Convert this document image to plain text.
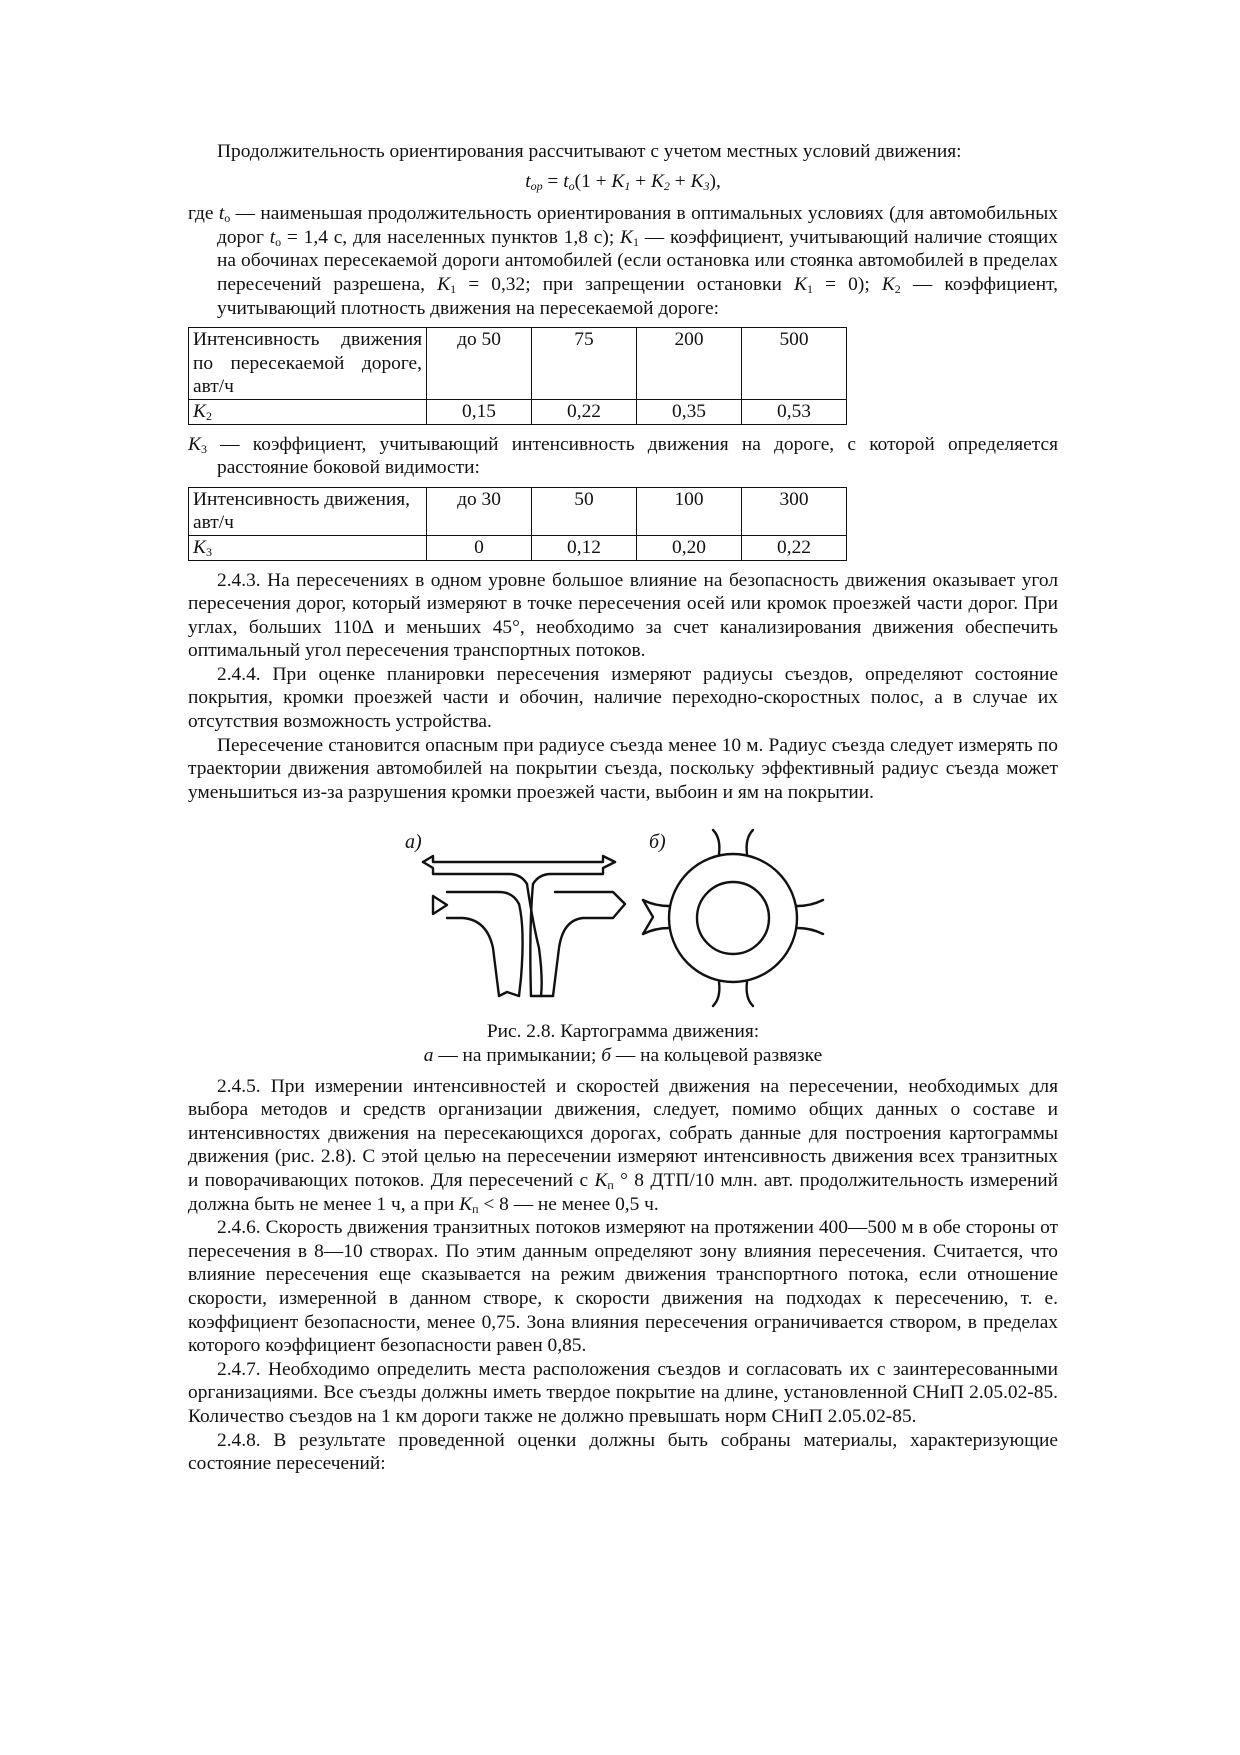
Продолжительность ориентирования рассчитывают с учетом местных условий движения:

$t_{ор} = t_о(1 + K_1 + K_2 + K_3)$,

где $t_о$ — наименьшая продолжительность ориентирования в оптимальных условиях (для автомобильных дорог $t_о = 1,4$ с, для населенных пунктов 1,8 с); $K_1$ — коэффициент, учитывающий наличие стоящих на обочинах пересекаемой дороги антомобилей (если остановка или стоянка автомобилей в пределах пересечений разрешена, $K_1 = 0,32$; при запрещении остановки $K_1 = 0$); $K_2$ — коэффициент, учитывающий плотность движения на пересекаемой дороге:

Интенсивность движения по пересекаемой дороге, авт/ч	до 50	75	200	500
$K_2$	0,15	0,22	0,35	0,53

$K_3$ — коэффициент, учитывающий интенсивность движения на дороге, с которой определяется расстояние боковой видимости:

Интенсивность движения, авт/ч	до 30	50	100	300
$K_3$	0	0,12	0,20	0,22

2.4.3. На пересечениях в одном уровне большое влияние на безопасность движения оказывает угол пересечения дорог, который измеряют в точке пересечения осей или кромок проезжей части дорог. При углах, больших 110Δ и меньших 45°, необходимо за счет канализирования движения обеспечить оптимальный угол пересечения транспортных потоков.

2.4.4. При оценке планировки пересечения измеряют радиусы съездов, определяют состояние покрытия, кромки проезжей части и обочин, наличие переходно-скоростных полос, а в случае их отсутствия возможность устройства.

Пересечение становится опасным при радиусе съезда менее 10 м. Радиус съезда следует измерять по траектории движения автомобилей на покрытии съезда, поскольку эффективный радиус съезда может уменьшиться из-за разрушения кромки проезжей части, выбоин и ям на покрытии.

а)	б)

Рис. 2.8. Картограмма движения:

а — на примыкании; б — на кольцевой развязке

2.4.5. При измерении интенсивностей и скоростей движения на пересечении, необходимых для выбора методов и средств организации движения, следует, помимо общих данных о составе и интенсивностях движения на пересекающихся дорогах, собрать данные для построения картограммы движения (рис. 2.8). С этой целью на пересечении измеряют интенсивность движения всех транзитных и поворачивающих потоков. Для пересечений с $K_п$ ° 8 ДТП/10 млн. авт. продолжительность измерений должна быть не менее 1 ч, а при $K_п < 8$ — не менее 0,5 ч.

2.4.6. Скорость движения транзитных потоков измеряют на протяжении 400—500 м в обе стороны от пересечения в 8—10 створах. По этим данным определяют зону влияния пересечения. Считается, что влияние пересечения еще сказывается на режим движения транспортного потока, если отношение скорости, измеренной в данном створе, к скорости движения на подходах к пересечению, т. е. коэффициент безопасности, менее 0,75. Зона влияния пересечения ограничивается створом, в пределах которого коэффициент безопасности равен 0,85.

2.4.7. Необходимо определить места расположения съездов и согласовать их с заинтересованными организациями. Все съезды должны иметь твердое покрытие на длине, установленной СНиП 2.05.02-85. Количество съездов на 1 км дороги также не должно превышать норм СНиП 2.05.02-85.

2.4.8. В результате проведенной оценки должны быть собраны материалы, характеризующие состояние пересечений:
